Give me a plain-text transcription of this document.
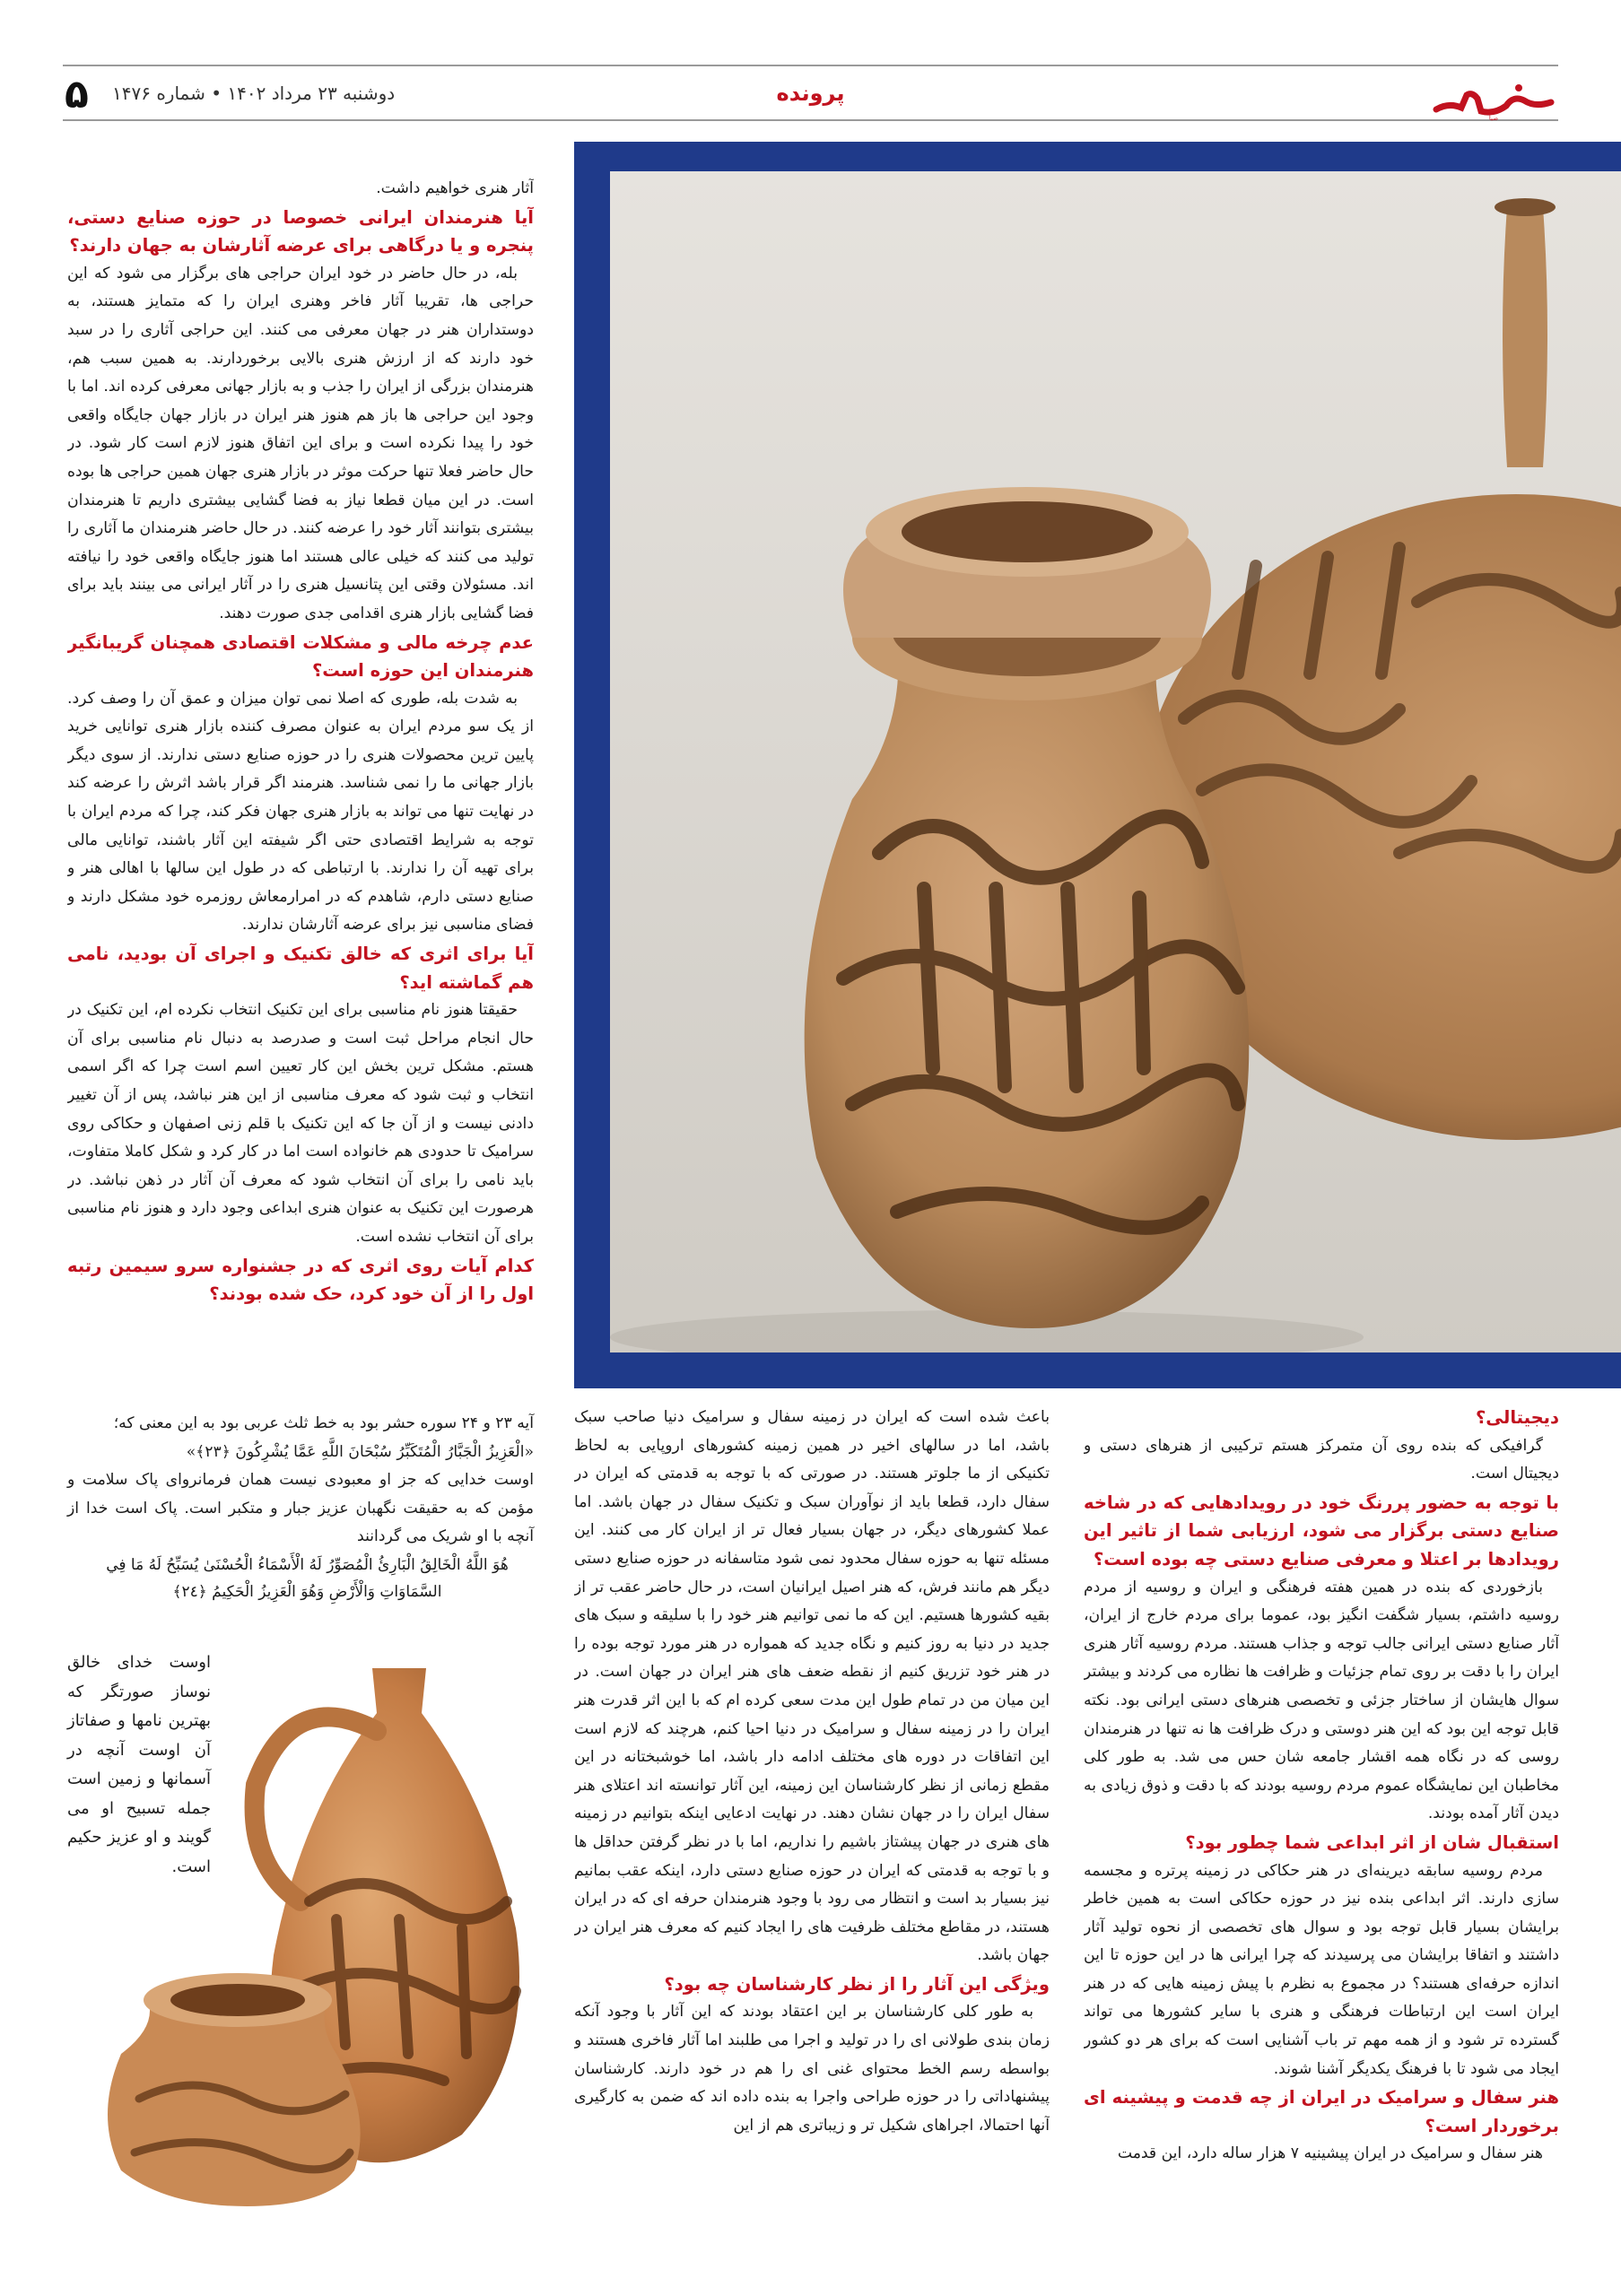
صبا
پرونده
دوشنبه ۲۳ مرداد ۱۴۰۲ • شماره ۱۴۷۶
۵

آثار هنری خواهیم داشت.

آیا هنرمندان ایرانی خصوصا در حوزه صنایع دستی، پنجره و یا درگاهی برای عرضه آثارشان به جهان دارند؟

بله، در حال حاضر در خود ایران حراجی های برگزار می شود که این حراجی ها، تقریبا آثار فاخر وهنری ایران را که متمایز هستند، به دوستداران هنر در جهان معرفی می کنند. این حراجی آثاری را در سبد خود دارند که از ارزش هنری بالایی برخوردارند. به همین سبب هم، هنرمندان بزرگی از ایران را جذب و به بازار جهانی معرفی کرده اند. اما با وجود این حراجی ها باز هم هنوز هنر ایران در بازار جهان جایگاه واقعی خود را پیدا نکرده است و برای این اتفاق هنوز لازم است کار شود. در حال حاضر فعلا تنها حرکت موثر در بازار هنری جهان همین حراجی ها بوده است. در این میان قطعا نیاز به فضا گشایی بیشتری داریم تا هنرمندان بیشتری بتوانند آثار خود را عرضه کنند. در حال حاضر هنرمندان ما آثاری را تولید می کنند که خیلی عالی هستند اما هنوز جایگاه واقعی خود را نیافته اند. مسئولان وقتی این پتانسیل هنری را در آثار ایرانی می بینند باید برای فضا گشایی بازار هنری اقدامی جدی صورت دهند.

عدم چرخه مالی و مشکلات اقتصادی همچنان گریبانگیر هنرمندان این حوزه است؟

به شدت بله، طوری که اصلا نمی توان میزان و عمق آن را وصف کرد. از یک سو مردم ایران به عنوان مصرف کننده بازار هنری توانایی خرید پایین ترین محصولات هنری را در حوزه صنایع دستی ندارند. از سوی دیگر بازار جهانی ما را نمی شناسد. هنرمند اگر قرار باشد اثرش را عرضه کند در نهایت تنها می تواند به بازار هنری جهان فکر کند، چرا که مردم ایران با توجه به شرایط اقتصادی حتی اگر شیفته این آثار باشند، توانایی مالی برای تهیه آن را ندارند. با ارتباطی که در طول این سالها با اهالی هنر و صنایع دستی دارم، شاهدم که در امرارمعاش روزمره خود مشکل دارند و فضای مناسبی نیز برای عرضه آثارشان ندارند.

آیا برای اثری که خالق تکنیک و اجرای آن بودید، نامی هم گماشته اید؟

حقیقتا هنوز نام مناسبی برای این تکنیک انتخاب نکرده ام، این تکنیک در حال انجام مراحل ثبت است و صدرصد به دنبال نام مناسبی برای آن هستم. مشکل ترین بخش این کار تعیین اسم است چرا که اگر اسمی انتخاب و ثبت شود که معرف مناسبی از این هنر نباشد، پس از آن تغییر دادنی نیست و از آن جا که این تکنیک با قلم زنی اصفهان و حکاکی روی سرامیک تا حدودی هم خانواده است اما در کار کرد و شکل کاملا متفاوت، باید نامی را برای آن انتخاب شود که معرف آن آثار در ذهن نباشد. در هرصورت این تکنیک به عنوان هنری ابداعی وجود دارد و هنوز نام مناسبی برای آن انتخاب نشده است.

کدام آیات روی اثری که در جشنواره سرو سیمین رتبه اول را از آن خود کرد، حک شده بودند؟

آیه ۲۳ و ۲۴ سوره حشر بود به خط ثلث عربی بود به این معنی که؛

«الْعَزِيزُ الْجَبَّارُ الْمُتَكَبِّرُ سُبْحَانَ اللَّهِ عَمَّا يُشْرِكُونَ ﴿٢٣﴾»

اوست خدایی که جز او معبودی نیست همان فرمانروای پاک سلامت و مؤمن که به حقیقت نگهبان عزیز جبار و متکبر است. پاک است خدا از آنچه با او شریک می گردانند

هُوَ اللَّهُ الْخَالِقُ الْبَارِئُ الْمُصَوِّرُ لَهُ الْأَسْمَاءُ الْحُسْنَىٰ يُسَبِّحُ لَهُ مَا فِي السَّمَاوَاتِ وَالْأَرْضِ وَهُوَ الْعَزِيزُ الْحَكِيمُ ﴿٢٤﴾
اوست خدای خالق نوساز صورتگر که بهترین نامها و صفاتاز آن اوست آنچه در آسمانها و زمین است جمله تسبیح او می گویند و او عزیز حکیم است.

باعث شده است که ایران در زمینه سفال و سرامیک دنیا صاحب سبک باشد، اما در سالهای اخیر در همین زمینه کشورهای اروپایی به لحاظ تکنیکی از ما جلوتر هستند. در صورتی که با توجه به قدمتی که ایران در سفال دارد، قطعا باید از نوآوران سبک و تکنیک سفال در جهان باشد. اما عملا کشورهای دیگر، در جهان بسیار فعال تر از ایران کار می کنند. این مسئله تنها به حوزه سفال محدود نمی شود متاسفانه در حوزه صنایع دستی دیگر هم مانند فرش، که هنر اصیل ایرانیان است، در حال حاضر عقب تر از بقیه کشورها هستیم. این که ما نمی توانیم هنر خود را با سلیقه و سبک های جدید در دنیا به روز کنیم و نگاه جدید که همواره در هنر مورد توجه بوده را در هنر خود تزریق کنیم از نقطه ضعف های هنر ایران در جهان است. در این میان من در تمام طول این مدت سعی کرده ام که با این اثر قدرت هنر ایران را در زمینه سفال و سرامیک در دنیا احیا کنم، هرچند که لازم است این اتفاقات در دوره های مختلف ادامه دار باشد، اما خوشبختانه در این مقطع زمانی از نظر کارشناسان این زمینه، این آثار توانسته اند اعتلای هنر سفال ایران را در جهان نشان دهند. در نهایت ادعایی اینکه بتوانیم در زمینه های هنری در جهان پیشتاز باشیم را نداریم، اما با در نظر گرفتن حداقل ها و با توجه به قدمتی که ایران در حوزه صنایع دستی دارد، اینکه عقب بمانیم نیز بسیار بد است و انتظار می رود با وجود هنرمندان حرفه ای که در ایران هستند، در مقاطع مختلف ظرفیت های را ایجاد کنیم که معرف هنر ایران در جهان باشد.

ویژگی این آثار را از نظر کارشناسان چه بود؟

به طور کلی کارشناسان بر این اعتقاد بودند که این آثار با وجود آنکه زمان بندی طولانی ای را در تولید و اجرا می طلبند اما آثار فاخری هستند و بواسطه رسم الخط محتوای غنی ای را هم در خود دارند. کارشناسان پیشنهاداتی را در حوزه طراحی واجرا به بنده داده اند که ضمن به کارگیری آنها احتمالا، اجراهای شکیل تر و زیباتری هم از این

دیجیتالی؟

گرافیکی که بنده روی آن متمرکز هستم ترکیبی از هنرهای دستی و دیجیتال است.

با توجه به حضور پررنگ خود در رویدادهایی که در شاخه صنایع دستی برگزار می شود، ارزیابی شما از تاثیر این رویدادها بر اعتلا و معرفی صنایع دستی چه بوده است؟

بازخوردی که بنده در همین هفته فرهنگی و ایران و روسیه از مردم روسیه داشتم، بسیار شگفت انگیز بود، عموما برای مردم خارج از ایران، آثار صنایع دستی ایرانی جالب توجه و جذاب هستند. مردم روسیه آثار هنری ایران را با دقت بر روی تمام جزئیات و ظرافت ها نظاره می کردند و بیشتر سوال هایشان از ساختار جزئی و تخصصی هنرهای دستی ایرانی بود. نکته قابل توجه این بود که این هنر دوستی و درک ظرافت ها نه تنها در هنرمندان روسی که در نگاه همه اقشار جامعه شان حس می شد. به طور کلی مخاطبان این نمایشگاه عموم مردم روسیه بودند که با دقت و ذوق زیادی به دیدن آثار آمده بودند.

استقبال شان از اثر ابداعی شما چطور بود؟

مردم روسیه سابقه دیرینه‌ای در هنر حکاکی در زمینه پرتره و مجسمه سازی دارند. اثر ابداعی بنده نیز در حوزه حکاکی است به همین خاطر برایشان بسیار قابل توجه بود و سوال های تخصصی از نحوه تولید آثار داشتند و اتفاقا برایشان می پرسیدند که چرا ایرانی ها در این حوزه تا این اندازه حرفه‌ای هستند؟ در مجموع به نظرم با پیش زمینه هایی که در هنر ایران است این ارتباطات فرهنگی و هنری با سایر کشورها می تواند گسترده تر شود و از همه مهم تر باب آشنایی است که برای هر دو کشور ایجاد می شود تا با فرهنگ یکدیگر آشنا شوند.

هنر سفال و سرامیک در ایران از چه قدمت و پیشینه ای برخوردار است؟

هنر سفال و سرامیک در ایران پیشینیه ۷ هزار ساله دارد، این قدمت
